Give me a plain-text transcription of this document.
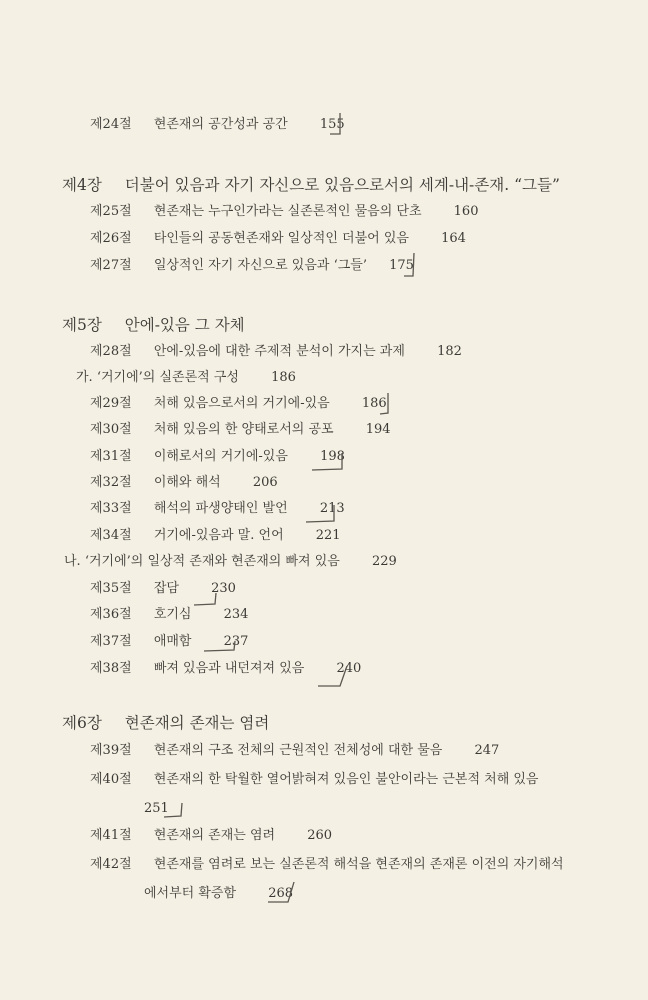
제24절 현존재의 공간성과 공간 155
제4장 더불어 있음과 자기 자신으로 있음으로서의 세계-내-존재. “그들”
제25절 현존재는 누구인가라는 실존론적인 물음의 단초 160
제26절 타인들의 공동현존재와 일상적인 더불어 있음 164
제27절 일상적인 자기 자신으로 있음과 ‘그들’ 175
제5장 안에-있음 그 자체
제28절 안에-있음에 대한 주제적 분석이 가지는 과제 182
가. ‘거기에’의 실존론적 구성 186
제29절 처해 있음으로서의 거기에-있음 186
제30절 처해 있음의 한 양태로서의 공포 194
제31절 이해로서의 거기에-있음 198
제32절 이해와 해석 206
제33절 해석의 파생양태인 발언 213
제34절 거기에-있음과 말. 언어 221
나. ‘거기에’의 일상적 존재와 현존재의 빠져 있음 229
제35절 잡담 230
제36절 호기심 234
제37절 애매함 237
제38절 빠져 있음과 내던져져 있음 240
제6장 현존재의 존재는 염려
제39절 현존재의 구조 전체의 근원적인 전체성에 대한 물음 247
제40절 현존재의 한 탁월한 열어밝혀져 있음인 불안이라는 근본적 처해 있음
251
제41절 현존재의 존재는 염려 260
제42절 현존재를 염려로 보는 실존론적 해석을 현존재의 존재론 이전의 자기해석
에서부터 확증함 268
